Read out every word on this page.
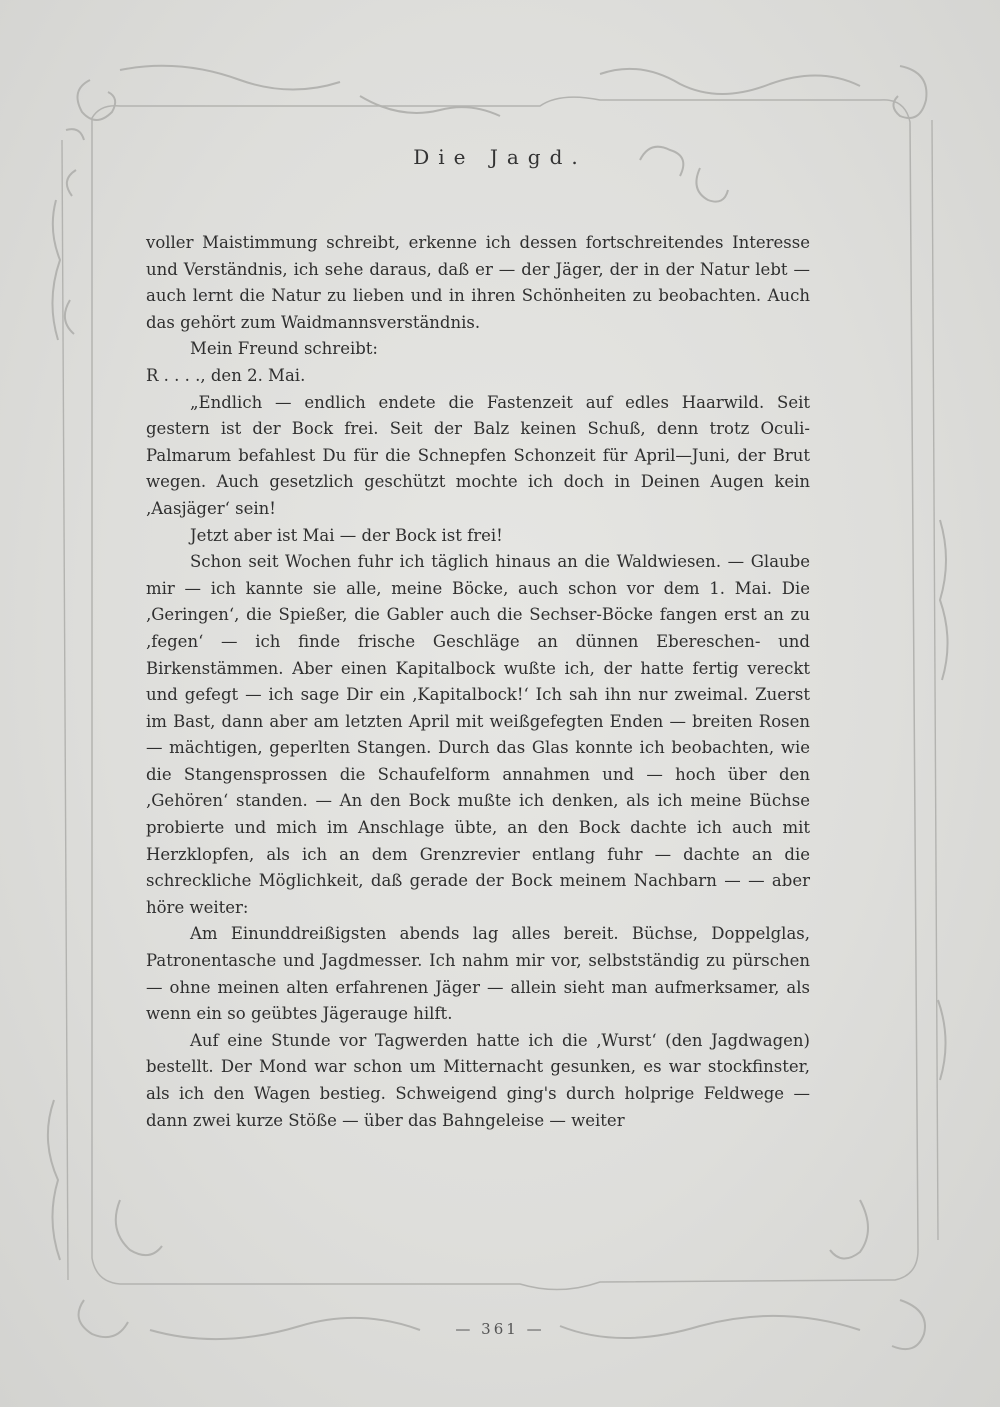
Die Jagd.

voller Maistimmung schreibt, erkenne ich dessen fortschreitendes Interesse und Verständnis, ich sehe daraus, daß er — der Jäger, der in der Natur lebt — auch lernt die Natur zu lieben und in ihren Schönheiten zu beobachten. Auch das gehört zum Waidmannsverständnis.

Mein Freund schreibt:

R . . . ., den 2. Mai.

„Endlich — endlich endete die Fastenzeit auf edles Haarwild. Seit gestern ist der Bock frei. Seit der Balz keinen Schuß, denn trotz Oculi-Palmarum befahlest Du für die Schnepfen Schonzeit für April—Juni, der Brut wegen. Auch gesetzlich geschützt mochte ich doch in Deinen Augen kein ‚Aasjäger‘ sein!

Jetzt aber ist Mai — der Bock ist frei!

Schon seit Wochen fuhr ich täglich hinaus an die Waldwiesen. — Glaube mir — ich kannte sie alle, meine Böcke, auch schon vor dem 1. Mai. Die ‚Geringen‘, die Spießer, die Gabler auch die Sechser-Böcke fangen erst an zu ‚fegen‘ — ich finde frische Geschläge an dünnen Ebereschen- und Birkenstämmen. Aber einen Kapitalbock wußte ich, der hatte fertig vereckt und gefegt — ich sage Dir ein ‚Kapitalbock!‘ Ich sah ihn nur zweimal. Zuerst im Bast, dann aber am letzten April mit weißgefegten Enden — breiten Rosen — mächtigen, geperlten Stangen. Durch das Glas konnte ich beobachten, wie die Stangensprossen die Schaufelform annahmen und — hoch über den ‚Gehören‘ standen. — An den Bock mußte ich denken, als ich meine Büchse probierte und mich im Anschlage übte, an den Bock dachte ich auch mit Herzklopfen, als ich an dem Grenzrevier entlang fuhr — dachte an die schreckliche Möglichkeit, daß gerade der Bock meinem Nachbarn — — aber höre weiter:

Am Einunddreißigsten abends lag alles bereit. Büchse, Doppelglas, Patronentasche und Jagdmesser. Ich nahm mir vor, selbstständig zu pürschen — ohne meinen alten erfahrenen Jäger — allein sieht man aufmerksamer, als wenn ein so geübtes Jägerauge hilft.

Auf eine Stunde vor Tagwerden hatte ich die ‚Wurst‘ (den Jagdwagen) bestellt. Der Mond war schon um Mitternacht gesunken, es war stockfinster, als ich den Wagen bestieg. Schweigend ging's durch holprige Feldwege — dann zwei kurze Stöße — über das Bahngeleise — weiter

— 361 —
